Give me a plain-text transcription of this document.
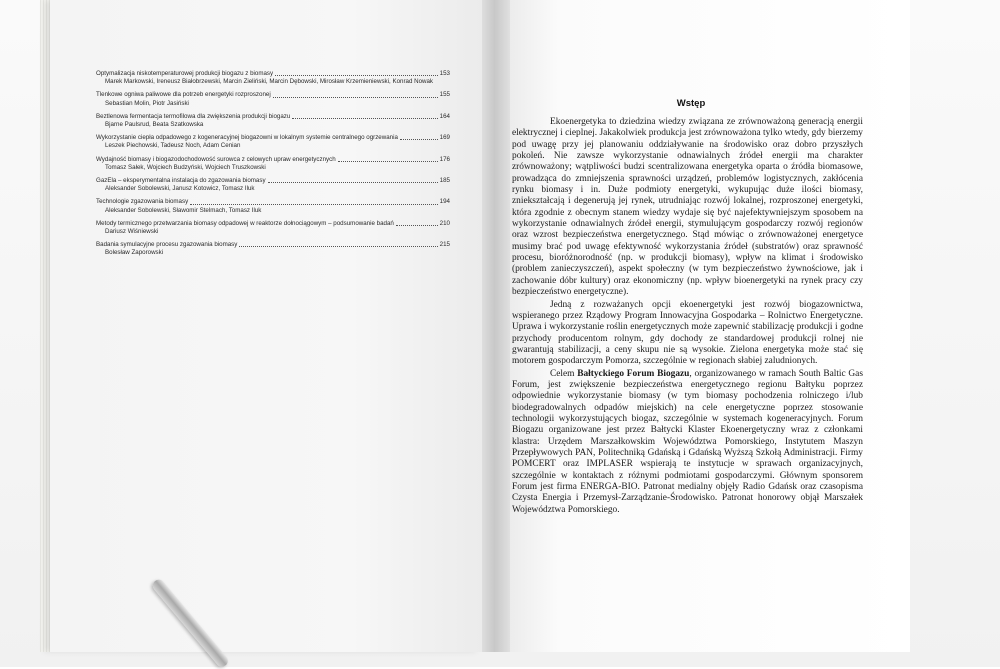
Optymalizacja niskotemperaturowej produkcji biogazu z biomasy	153
Marek Markowski, Ireneusz Białobrzewski, Marcin Zieliński, Marcin Dębowski, Mirosław Krzemieniewski, Konrad Nowak
Tlenkowe ogniwa paliwowe dla potrzeb energetyki rozproszonej	155
Sebastian Molin, Piotr Jasiński
Beztlenowa fermentacja termofilowa dla zwiększenia produkcji biogazu	164
Bjarne Paulsrud, Beata Szatkowska
Wykorzystanie ciepła odpadowego z kogeneracyjnej biogazowni w lokalnym systemie centralnego ogrzewania	169
Leszek Piechowski, Tadeusz Noch, Adam Cenian
Wydajność biomasy i biogazodochodowość surowca z celowych upraw energetycznych	176
Tomasz Sałek, Wojciech Budzyński, Wojciech Truszkowski
GazEla – eksperymentalna instalacja do zgazowania biomasy	185
Aleksander Sobolewski, Janusz Kotowicz, Tomasz Iluk
Technologie zgazowania biomasy	194
Aleksander Sobolewski, Sławomir Stelmach, Tomasz Iluk
Metody termicznego przetwarzania biomasy odpadowej w reaktorze dołnociągowym – podsumowanie badań	210
Dariusz Wiśniewski
Badania symulacyjne procesu zgazowania biomasy	215
Bolesław Zaporowski
Wstęp

Ekoenergetyka to dziedzina wiedzy związana ze zrównoważoną generacją energii elektrycznej i cieplnej. Jakakolwiek produkcja jest zrównoważona tylko wtedy, gdy bierzemy pod uwagę przy jej planowaniu oddziaływanie na środowisko oraz dobro przyszłych pokoleń. Nie zawsze wykorzystanie odnawialnych źródeł energii ma charakter zrównoważony; wątpliwości budzi scentralizowana energetyka oparta o źródła biomasowe, prowadząca do zmniejszenia sprawności urządzeń, problemów logistycznych, zakłócenia rynku biomasy i in. Duże podmioty energetyki, wykupując duże ilości biomasy, zniekształcają i degenerują jej rynek, utrudniając rozwój lokalnej, rozproszonej energetyki, która zgodnie z obecnym stanem wiedzy wydaje się być najefektywniejszym sposobem na wykorzystanie odnawialnych źródeł energii, stymulującym gospodarczy rozwój regionów oraz wzrost bezpieczeństwa energetycznego. Stąd mówiąc o zrównoważonej energetyce musimy brać pod uwagę efektywność wykorzystania źródeł (substratów) oraz sprawność procesu, bioróżnorodność (np. w produkcji biomasy), wpływ na klimat i środowisko (problem zanieczyszczeń), aspekt społeczny (w tym bezpieczeństwo żywnościowe, jak i zachowanie dóbr kultury) oraz ekonomiczny (np. wpływ bioenergetyki na rynek pracy czy bezpieczeństwo energetyczne).

Jedną z rozważanych opcji ekoenergetyki jest rozwój biogazownictwa, wspieranego przez Rządowy Program Innowacyjna Gospodarka – Rolnictwo Energetyczne. Uprawa i wykorzystanie roślin energetycznych może zapewnić stabilizację produkcji i godne przychody producentom rolnym, gdy dochody ze standardowej produkcji rolnej nie gwarantują stabilizacji, a ceny skupu nie są wysokie. Zielona energetyka może stać się motorem gospodarczym Pomorza, szczególnie w regionach słabiej zaludnionych.

Celem Bałtyckiego Forum Biogazu, organizowanego w ramach South Baltic Gas Forum, jest zwiększenie bezpieczeństwa energetycznego regionu Bałtyku poprzez odpowiednie wykorzystanie biomasy (w tym biomasy pochodzenia rolniczego i/lub biodegradowalnych odpadów miejskich) na cele energetyczne poprzez stosowanie technologii wykorzystujących biogaz, szczególnie w systemach kogeneracyjnych. Forum Biogazu organizowane jest przez Bałtycki Klaster Ekoenergetyczny wraz z członkami klastra: Urzędem Marszałkowskim Województwa Pomorskiego, Instytutem Maszyn Przepływowych PAN, Politechniką Gdańską i Gdańską Wyższą Szkołą Administracji. Firmy POMCERT oraz IMPLASER wspierają te instytucje w sprawach organizacyjnych, szczególnie w kontaktach z różnymi podmiotami gospodarczymi. Głównym sponsorem Forum jest firma ENERGA-BIO. Patronat medialny objęły Radio Gdańsk oraz czasopisma Czysta Energia i Przemysł-Zarządzanie-Środowisko. Patronat honorowy objął Marszałek Województwa Pomorskiego.
